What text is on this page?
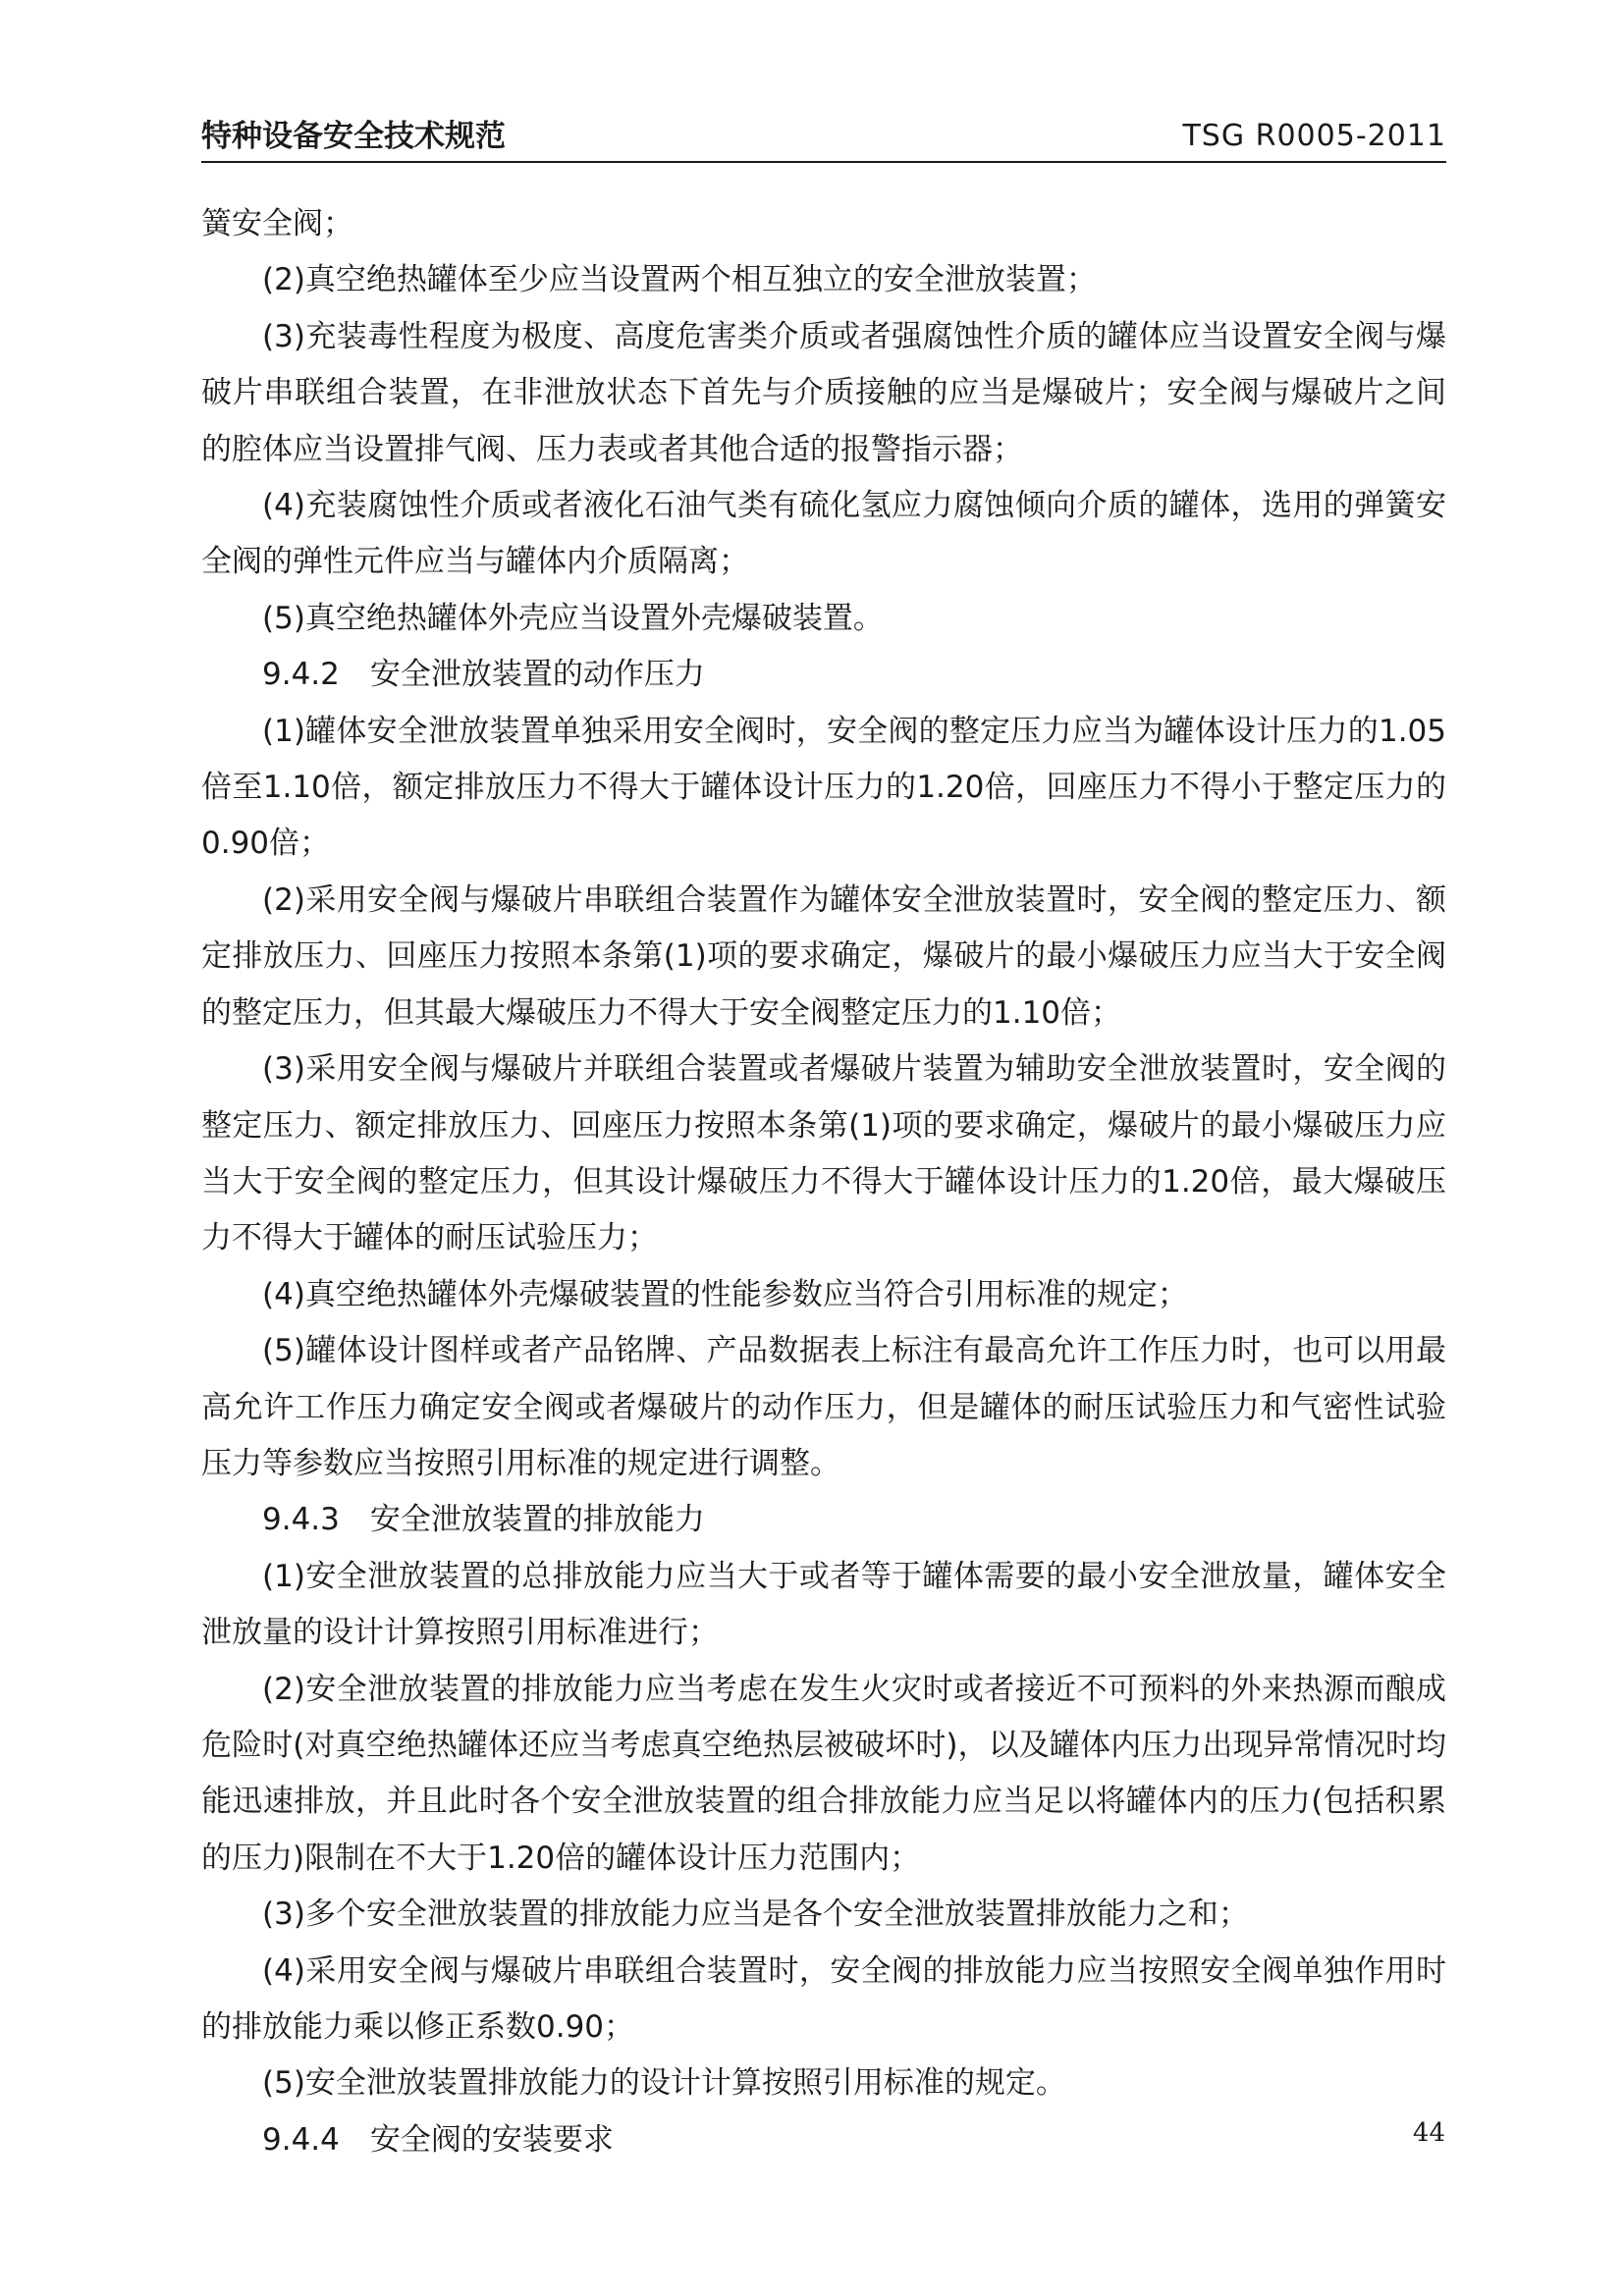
特种设备安全技术规范	TSG R0005-2011

簧安全阀；

(2)真空绝热罐体至少应当设置两个相互独立的安全泄放装置；

(3)充装毒性程度为极度、高度危害类介质或者强腐蚀性介质的罐体应当设置安全阀与爆破片串联组合装置，在非泄放状态下首先与介质接触的应当是爆破片；安全阀与爆破片之间的腔体应当设置排气阀、压力表或者其他合适的报警指示器；

(4)充装腐蚀性介质或者液化石油气类有硫化氢应力腐蚀倾向介质的罐体，选用的弹簧安全阀的弹性元件应当与罐体内介质隔离；

(5)真空绝热罐体外壳应当设置外壳爆破装置。

9.4.2　安全泄放装置的动作压力

(1)罐体安全泄放装置单独采用安全阀时，安全阀的整定压力应当为罐体设计压力的1.05倍至1.10倍，额定排放压力不得大于罐体设计压力的1.20倍，回座压力不得小于整定压力的0.90倍；

(2)采用安全阀与爆破片串联组合装置作为罐体安全泄放装置时，安全阀的整定压力、额定排放压力、回座压力按照本条第(1)项的要求确定，爆破片的最小爆破压力应当大于安全阀的整定压力，但其最大爆破压力不得大于安全阀整定压力的1.10倍；

(3)采用安全阀与爆破片并联组合装置或者爆破片装置为辅助安全泄放装置时，安全阀的整定压力、额定排放压力、回座压力按照本条第(1)项的要求确定，爆破片的最小爆破压力应当大于安全阀的整定压力，但其设计爆破压力不得大于罐体设计压力的1.20倍，最大爆破压力不得大于罐体的耐压试验压力；

(4)真空绝热罐体外壳爆破装置的性能参数应当符合引用标准的规定；

(5)罐体设计图样或者产品铭牌、产品数据表上标注有最高允许工作压力时，也可以用最高允许工作压力确定安全阀或者爆破片的动作压力，但是罐体的耐压试验压力和气密性试验压力等参数应当按照引用标准的规定进行调整。

9.4.3　安全泄放装置的排放能力

(1)安全泄放装置的总排放能力应当大于或者等于罐体需要的最小安全泄放量，罐体安全泄放量的设计计算按照引用标准进行；

(2)安全泄放装置的排放能力应当考虑在发生火灾时或者接近不可预料的外来热源而酿成危险时(对真空绝热罐体还应当考虑真空绝热层被破坏时)，以及罐体内压力出现异常情况时均能迅速排放，并且此时各个安全泄放装置的组合排放能力应当足以将罐体内的压力(包括积累的压力)限制在不大于1.20倍的罐体设计压力范围内；

(3)多个安全泄放装置的排放能力应当是各个安全泄放装置排放能力之和；

(4)采用安全阀与爆破片串联组合装置时，安全阀的排放能力应当按照安全阀单独作用时的排放能力乘以修正系数0.90；

(5)安全泄放装置排放能力的设计计算按照引用标准的规定。

9.4.4　安全阀的安装要求	44
